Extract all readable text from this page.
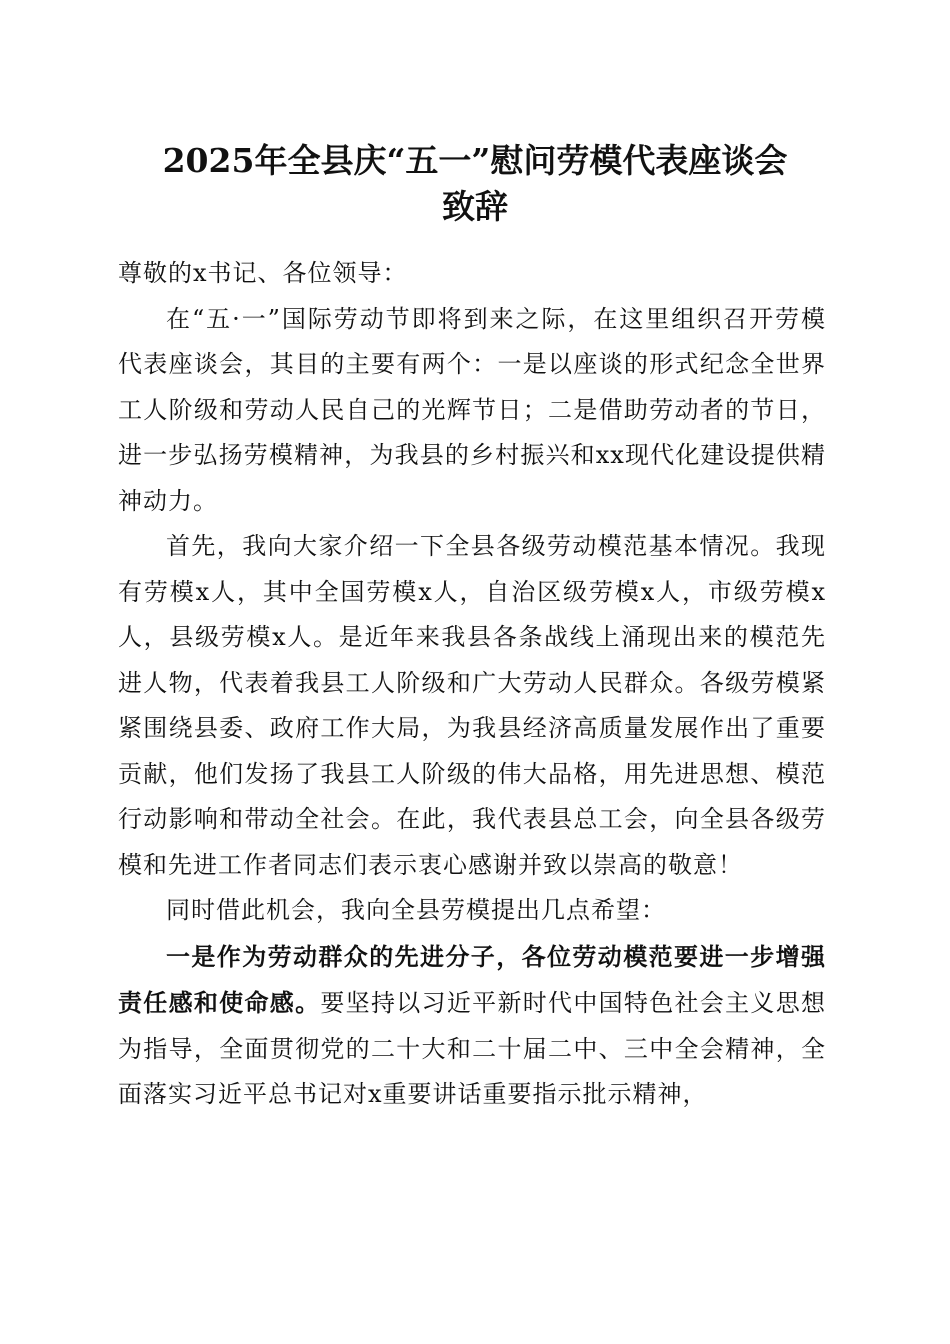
2025年全县庆“五一”慰问劳模代表座谈会
致辞

尊敬的x书记、各位领导：

在“五·一”国际劳动节即将到来之际，在这里组织召开劳模代表座谈会，其目的主要有两个：一是以座谈的形式纪念全世界工人阶级和劳动人民自己的光辉节日；二是借助劳动者的节日，进一步弘扬劳模精神，为我县的乡村振兴和xx现代化建设提供精神动力。

首先，我向大家介绍一下全县各级劳动模范基本情况。我现有劳模x人，其中全国劳模x人，自治区级劳模x人，市级劳模x人，县级劳模x人。是近年来我县各条战线上涌现出来的模范先进人物，代表着我县工人阶级和广大劳动人民群众。各级劳模紧紧围绕县委、政府工作大局，为我县经济高质量发展作出了重要贡献，他们发扬了我县工人阶级的伟大品格，用先进思想、模范行动影响和带动全社会。在此，我代表县总工会，向全县各级劳模和先进工作者同志们表示衷心感谢并致以崇高的敬意！

同时借此机会，我向全县劳模提出几点希望：

一是作为劳动群众的先进分子，各位劳动模范要进一步增强责任感和使命感。要坚持以习近平新时代中国特色社会主义思想为指导，全面贯彻党的二十大和二十届二中、三中全会精神，全面落实习近平总书记对x重要讲话重要指示批示精神，
